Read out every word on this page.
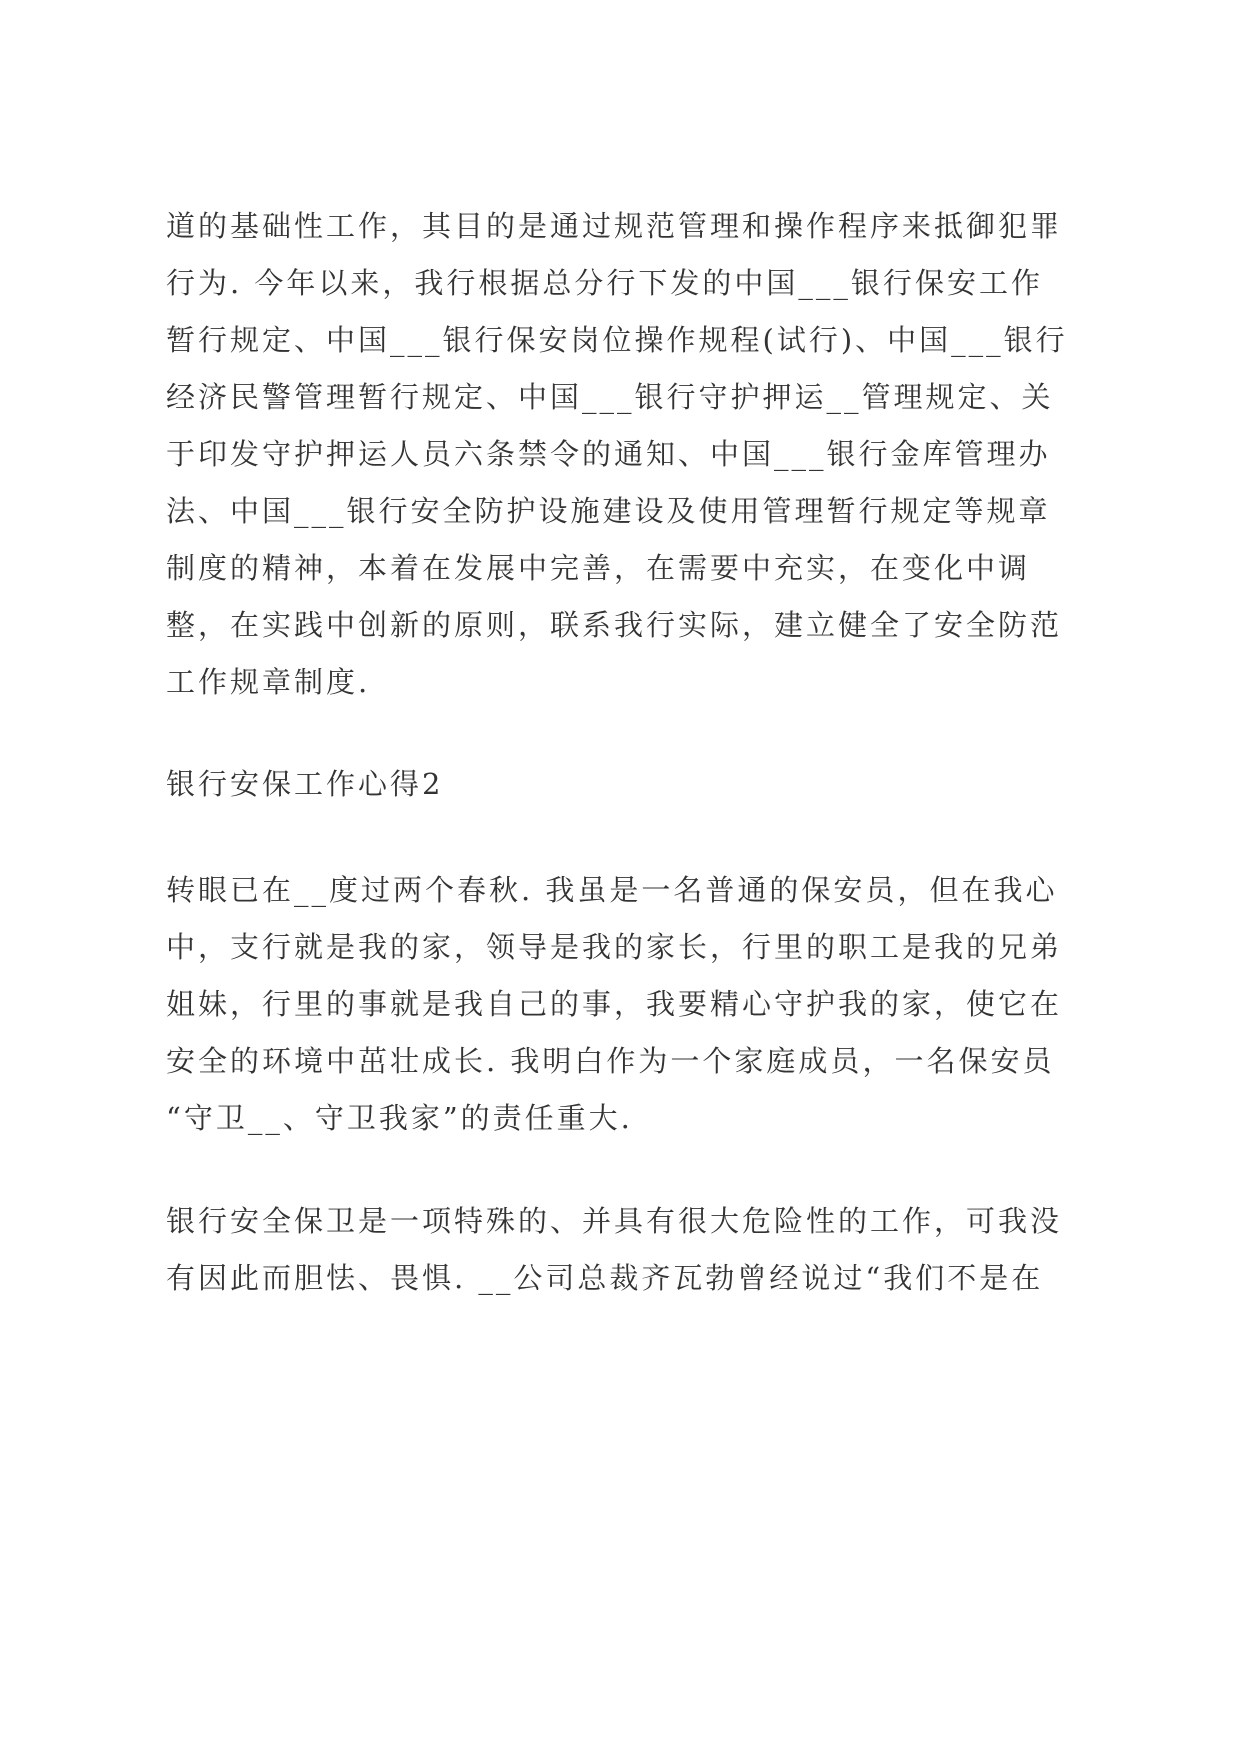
道的基础性工作，其目的是通过规范管理和操作程序来抵御犯罪
行为. 今年以来，我行根据总分行下发的中国___银行保安工作
暂行规定、中国___银行保安岗位操作规程(试行)、中国___银行
经济民警管理暂行规定、中国___银行守护押运__管理规定、关
于印发守护押运人员六条禁令的通知、中国___银行金库管理办
法、中国___银行安全防护设施建设及使用管理暂行规定等规章
制度的精神，本着在发展中完善，在需要中充实，在变化中调
整，在实践中创新的原则，联系我行实际，建立健全了安全防范
工作规章制度.
银行安保工作心得2
转眼已在__度过两个春秋. 我虽是一名普通的保安员，但在我心
中，支行就是我的家，领导是我的家长，行里的职工是我的兄弟
姐妹，行里的事就是我自己的事，我要精心守护我的家，使它在
安全的环境中茁壮成长. 我明白作为一个家庭成员，一名保安员
“守卫__、守卫我家”的责任重大.
银行安全保卫是一项特殊的、并具有很大危险性的工作，可我没
有因此而胆怯、畏惧. __公司总裁齐瓦勃曾经说过“我们不是在
